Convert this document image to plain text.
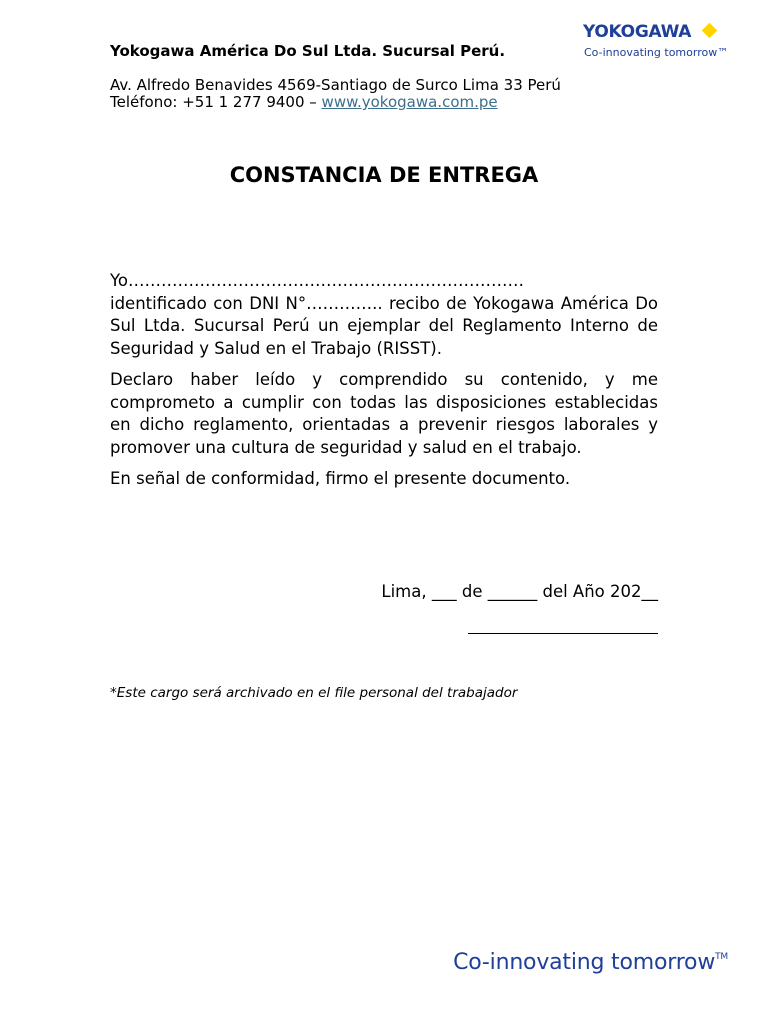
Yokogawa América Do Sul Ltda. Sucursal Perú.
Av. Alfredo Benavides 4569-Santiago de Surco Lima 33 Perú
Teléfono: +51 1 277 9400 – www.yokogawa.com.pe
YOKOGAWA
Co-innovating tomorrow™
CONSTANCIA DE ENTREGA
Yo………………………………………………………………

identificado con DNI N°………….. recibo de Yokogawa América Do Sul Ltda. Sucursal Perú un ejemplar del Reglamento Interno de Seguridad y Salud en el Trabajo (RISST).

Declaro haber leído y comprendido su contenido, y me comprometo a cumplir con todas las disposiciones establecidas en dicho reglamento, orientadas a prevenir riesgos laborales y promover una cultura de seguridad y salud en el trabajo.

En señal de conformidad, firmo el presente documento.

Lima, ___ de ______ del Año 202__
*Este cargo será archivado en el file personal del trabajador
Co-innovating tomorrow™
